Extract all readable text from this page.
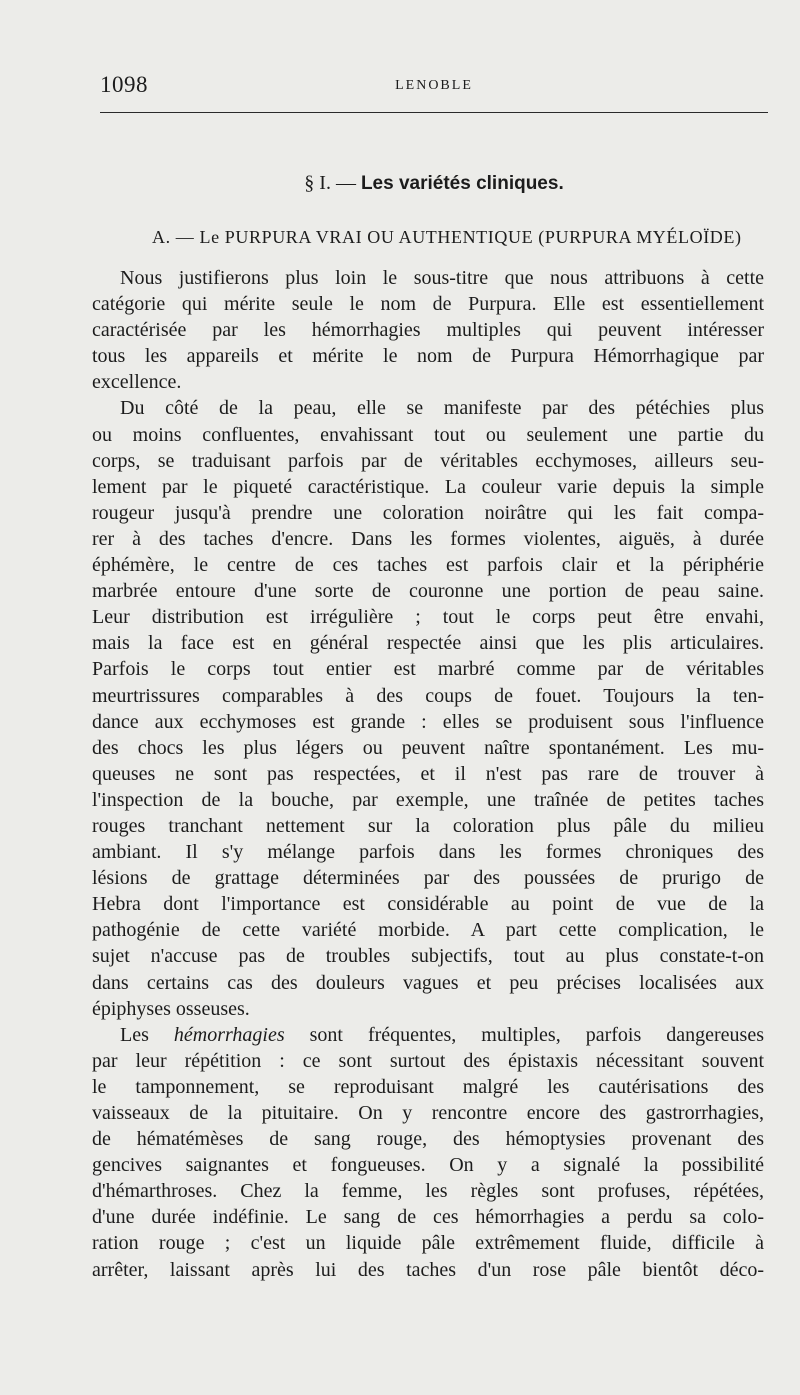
1098	LENOBLE
§ I. — Les variétés cliniques.
A. — Le PURPURA VRAI OU AUTHENTIQUE (PURPURA MYÉLOÏDE)
Nous justifierons plus loin le sous-titre que nous attribuons à cette
catégorie qui mérite seule le nom de Purpura. Elle est essentiellement
caractérisée par les hémorrhagies multiples qui peuvent intéresser
tous les appareils et mérite le nom de Purpura Hémorrhagique par
excellence.
Du côté de la peau, elle se manifeste par des pétéchies plus
ou moins confluentes, envahissant tout ou seulement une partie du
corps, se traduisant parfois par de véritables ecchymoses, ailleurs seu-
lement par le piqueté caractéristique. La couleur varie depuis la simple
rougeur jusqu'à prendre une coloration noirâtre qui les fait compa-
rer à des taches d'encre. Dans les formes violentes, aiguës, à durée
éphémère, le centre de ces taches est parfois clair et la périphérie
marbrée entoure d'une sorte de couronne une portion de peau saine.
Leur distribution est irrégulière ; tout le corps peut être envahi,
mais la face est en général respectée ainsi que les plis articulaires.
Parfois le corps tout entier est marbré comme par de véritables
meurtrissures comparables à des coups de fouet. Toujours la ten-
dance aux ecchymoses est grande : elles se produisent sous l'influence
des chocs les plus légers ou peuvent naître spontanément. Les mu-
queuses ne sont pas respectées, et il n'est pas rare de trouver à
l'inspection de la bouche, par exemple, une traînée de petites taches
rouges tranchant nettement sur la coloration plus pâle du milieu
ambiant. Il s'y mélange parfois dans les formes chroniques des
lésions de grattage déterminées par des poussées de prurigo de
Hebra dont l'importance est considérable au point de vue de la
pathogénie de cette variété morbide. A part cette complication, le
sujet n'accuse pas de troubles subjectifs, tout au plus constate-t-on
dans certains cas des douleurs vagues et peu précises localisées aux
épiphyses osseuses.
Les hémorrhagies sont fréquentes, multiples, parfois dangereuses
par leur répétition : ce sont surtout des épistaxis nécessitant souvent
le tamponnement, se reproduisant malgré les cautérisations des
vaisseaux de la pituitaire. On y rencontre encore des gastrorrhagies,
de hématémèses de sang rouge, des hémoptysies provenant des
gencives saignantes et fongueuses. On y a signalé la possibilité
d'hémarthroses. Chez la femme, les règles sont profuses, répétées,
d'une durée indéfinie. Le sang de ces hémorrhagies a perdu sa colo-
ration rouge ; c'est un liquide pâle extrêmement fluide, difficile à
arrêter, laissant après lui des taches d'un rose pâle bientôt déco-
